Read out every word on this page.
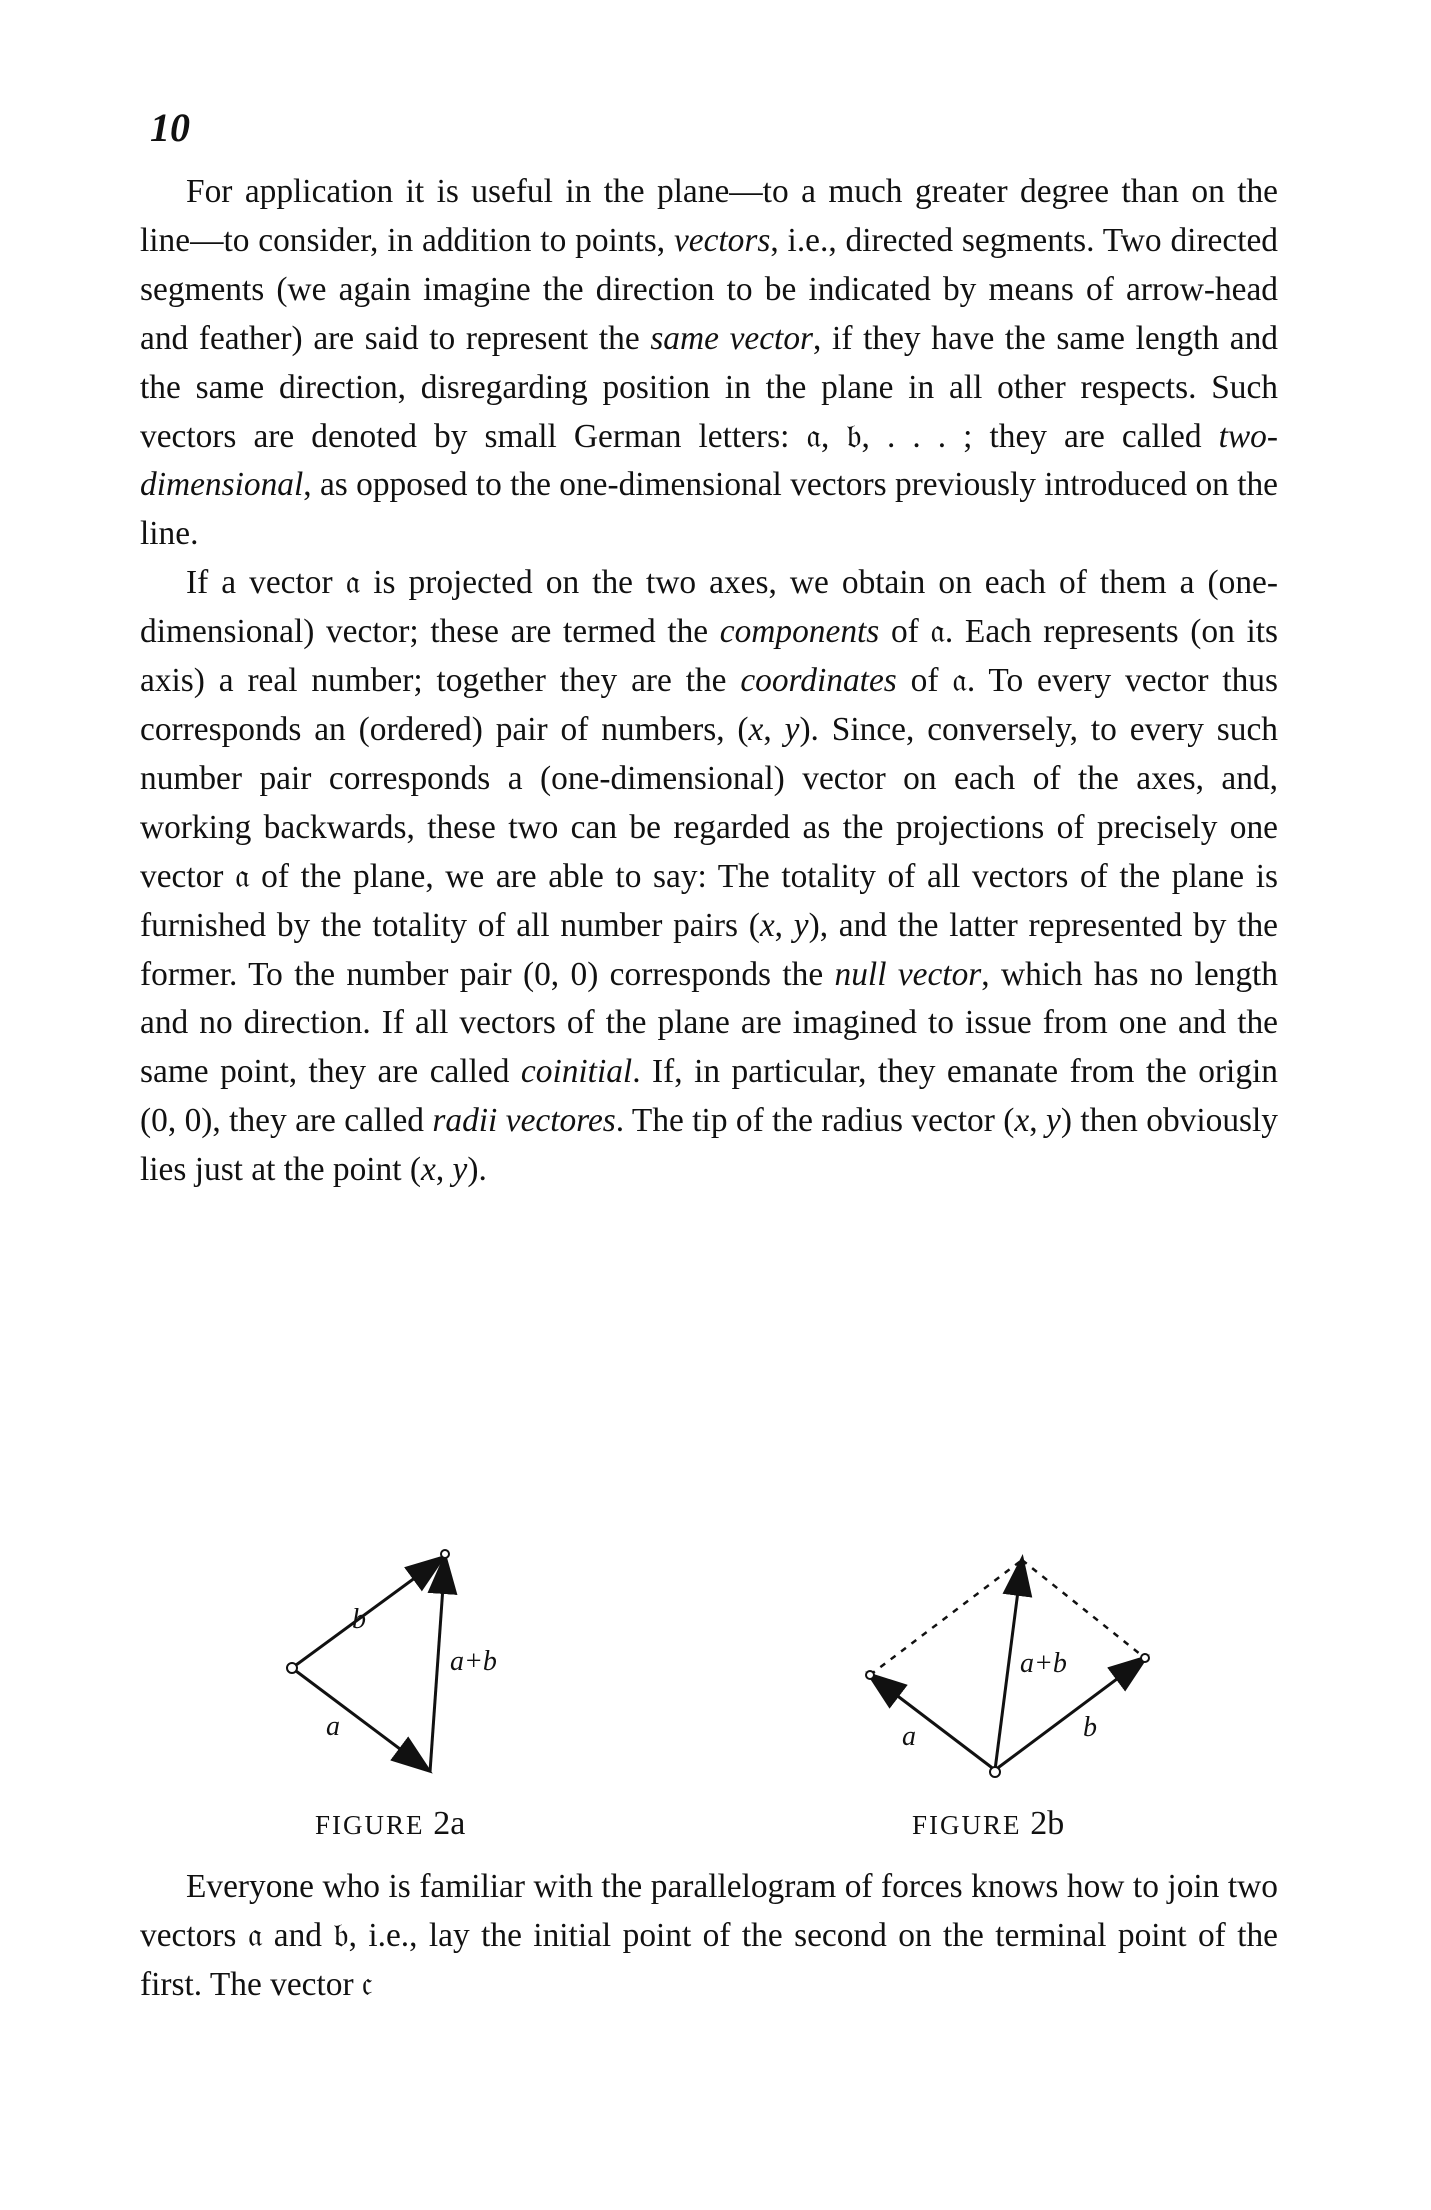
10

For application it is useful in the plane—to a much greater degree than on the line—to consider, in addition to points, vectors, i.e., directed segments. Two directed segments (we again imagine the direction to be indicated by means of arrow-head and feather) are said to represent the same vector, if they have the same length and the same direction, disregarding position in the plane in all other respects. Such vectors are denoted by small German letters: 𝔞, 𝔟, . . . ; they are called two-dimensional, as opposed to the one-dimensional vectors previously introduced on the line.

If a vector 𝔞 is projected on the two axes, we obtain on each of them a (one-dimensional) vector; these are termed the components of 𝔞. Each represents (on its axis) a real number; together they are the coordinates of 𝔞. To every vector thus corresponds an (ordered) pair of numbers, (x, y). Since, conversely, to every such number pair corresponds a (one-dimensional) vector on each of the axes, and, working backwards, these two can be regarded as the projections of precisely one vector 𝔞 of the plane, we are able to say: The totality of all vectors of the plane is furnished by the totality of all number pairs (x, y), and the latter represented by the former. To the number pair (0, 0) corresponds the null vector, which has no length and no direction. If all vectors of the plane are imagined to issue from one and the same point, they are called coinitial. If, in particular, they emanate from the origin (0, 0), they are called radii vectores. The tip of the radius vector (x, y) then obviously lies just at the point (x, y).

b
a
a+b
a	b
a+b

FIGURE 2a	FIGURE 2b

Everyone who is familiar with the parallelogram of forces knows how to join two vectors 𝔞 and 𝔟, i.e., lay the initial point of the second on the terminal point of the first. The vector 𝔠
